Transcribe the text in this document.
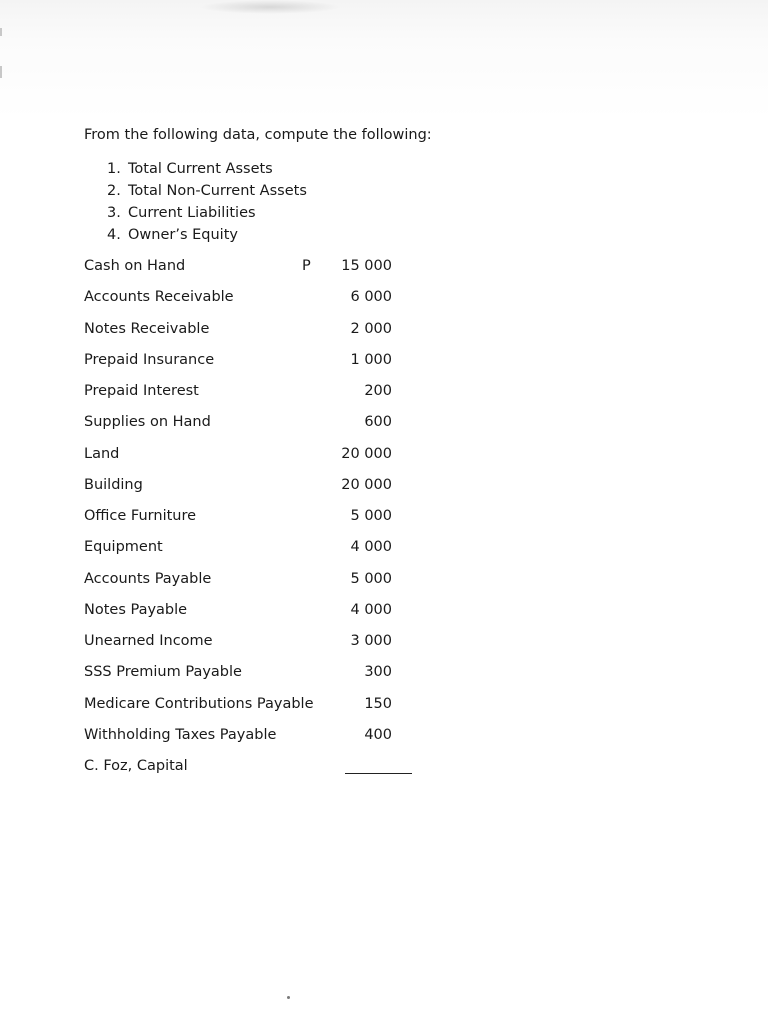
From the following data, compute the following:

1. Total Current Assets
2. Total Non-Current Assets
3. Current Liabilities
4. Owner’s Equity
Cash on Hand	P 15 000
Accounts Receivable	6 000
Notes Receivable	2 000
Prepaid Insurance	1 000
Prepaid Interest	200
Supplies on Hand	600
Land	20 000
Building	20 000
Office Furniture	5 000
Equipment	4 000
Accounts Payable	5 000
Notes Payable	4 000
Unearned Income	3 000
SSS Premium Payable	300
Medicare Contributions Payable	150
Withholding Taxes Payable	400
C. Foz, Capital
